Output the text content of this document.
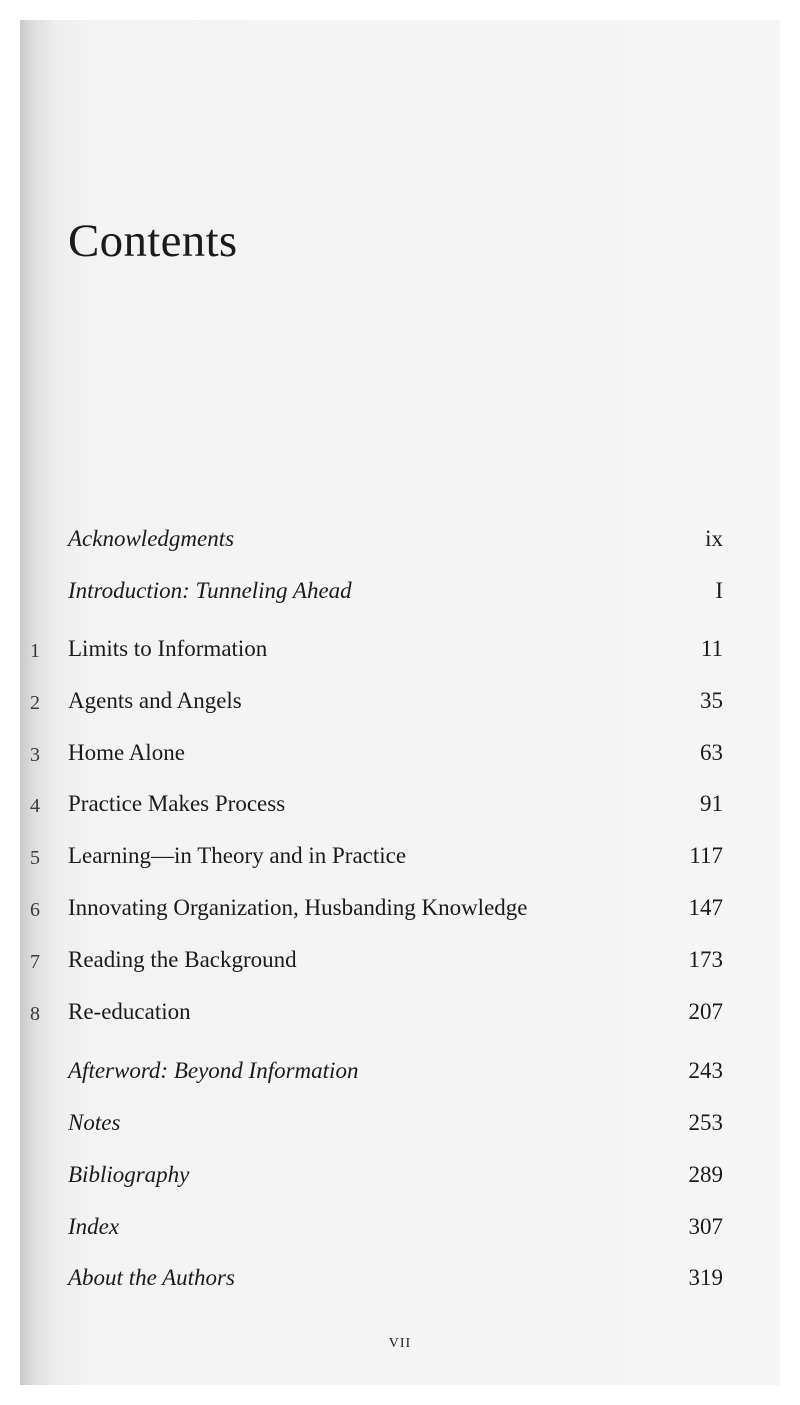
Contents
Acknowledgments	ix
Introduction: Tunneling Ahead	I
1 Limits to Information	11
2 Agents and Angels	35
3 Home Alone	63
4 Practice Makes Process	91
5 Learning—in Theory and in Practice	117
6 Innovating Organization, Husbanding Knowledge	147
7 Reading the Background	173
8 Re-education	207
Afterword: Beyond Information	243
Notes	253
Bibliography	289
Index	307
About the Authors	319
VII
